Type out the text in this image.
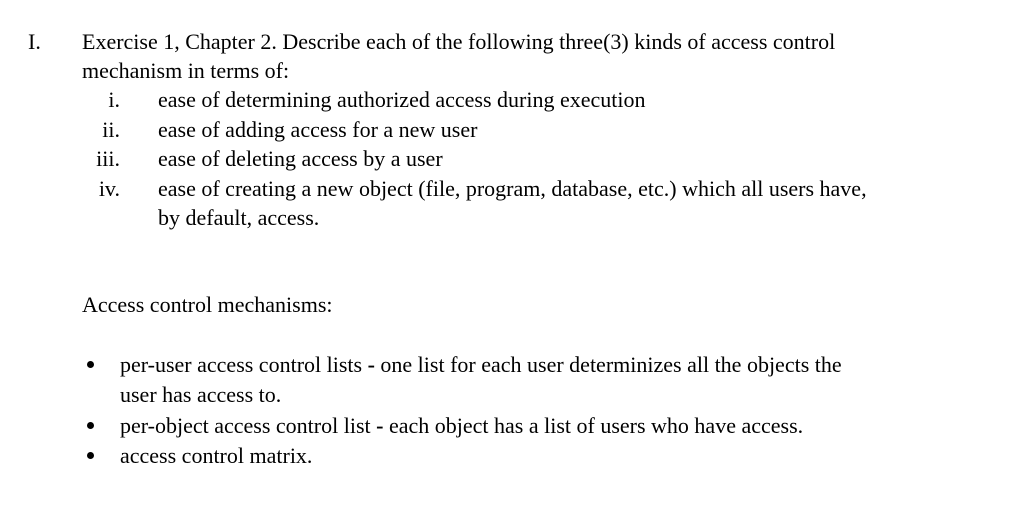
I. Exercise 1, Chapter 2. Describe each of the following three(3) kinds of access control
mechanism in terms of:
i. ease of determining authorized access during execution
ii. ease of adding access for a new user
iii. ease of deleting access by a user
iv. ease of creating a new object (file, program, database, etc.) which all users have,
by default, access.
Access control mechanisms:
per-user access control lists - one list for each user determinizes all the objects the
user has access to.
per-object access control list - each object has a list of users who have access.
access control matrix.
